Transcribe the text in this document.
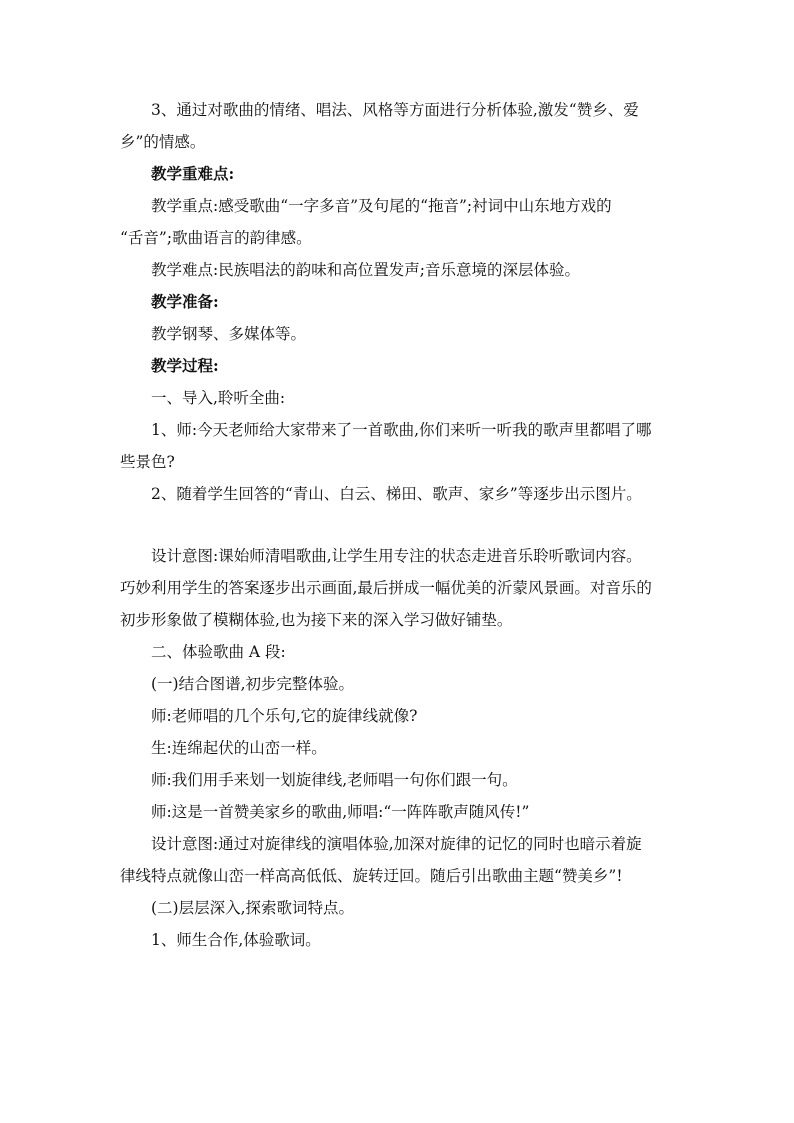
3、通过对歌曲的情绪、唱法、风格等方面进行分析体验,激发“赞乡、爱
乡”的情感。
教学重难点:
教学重点:感受歌曲“一字多音”及句尾的“拖音”;衬词中山东地方戏的
“舌音”;歌曲语言的韵律感。
教学难点:民族唱法的韵味和高位置发声;音乐意境的深层体验。
教学准备:
教学钢琴、多媒体等。
教学过程:
一、导入,聆听全曲:
1、师:今天老师给大家带来了一首歌曲,你们来听一听我的歌声里都唱了哪
些景色?
2、随着学生回答的“青山、白云、梯田、歌声、家乡”等逐步出示图片。
设计意图:课始师清唱歌曲,让学生用专注的状态走进音乐聆听歌词内容。
巧妙利用学生的答案逐步出示画面,最后拼成一幅优美的沂蒙风景画。对音乐的
初步形象做了模糊体验,也为接下来的深入学习做好铺垫。
二、体验歌曲 A 段:
(一)结合图谱,初步完整体验。
师:老师唱的几个乐句,它的旋律线就像?
生:连绵起伏的山峦一样。
师:我们用手来划一划旋律线,老师唱一句你们跟一句。
师:这是一首赞美家乡的歌曲,师唱:“一阵阵歌声随风传!”
设计意图:通过对旋律线的演唱体验,加深对旋律的记忆的同时也暗示着旋
律线特点就像山峦一样高高低低、旋转迂回。随后引出歌曲主题“赞美乡”!
(二)层层深入,探索歌词特点。
1、师生合作,体验歌词。
